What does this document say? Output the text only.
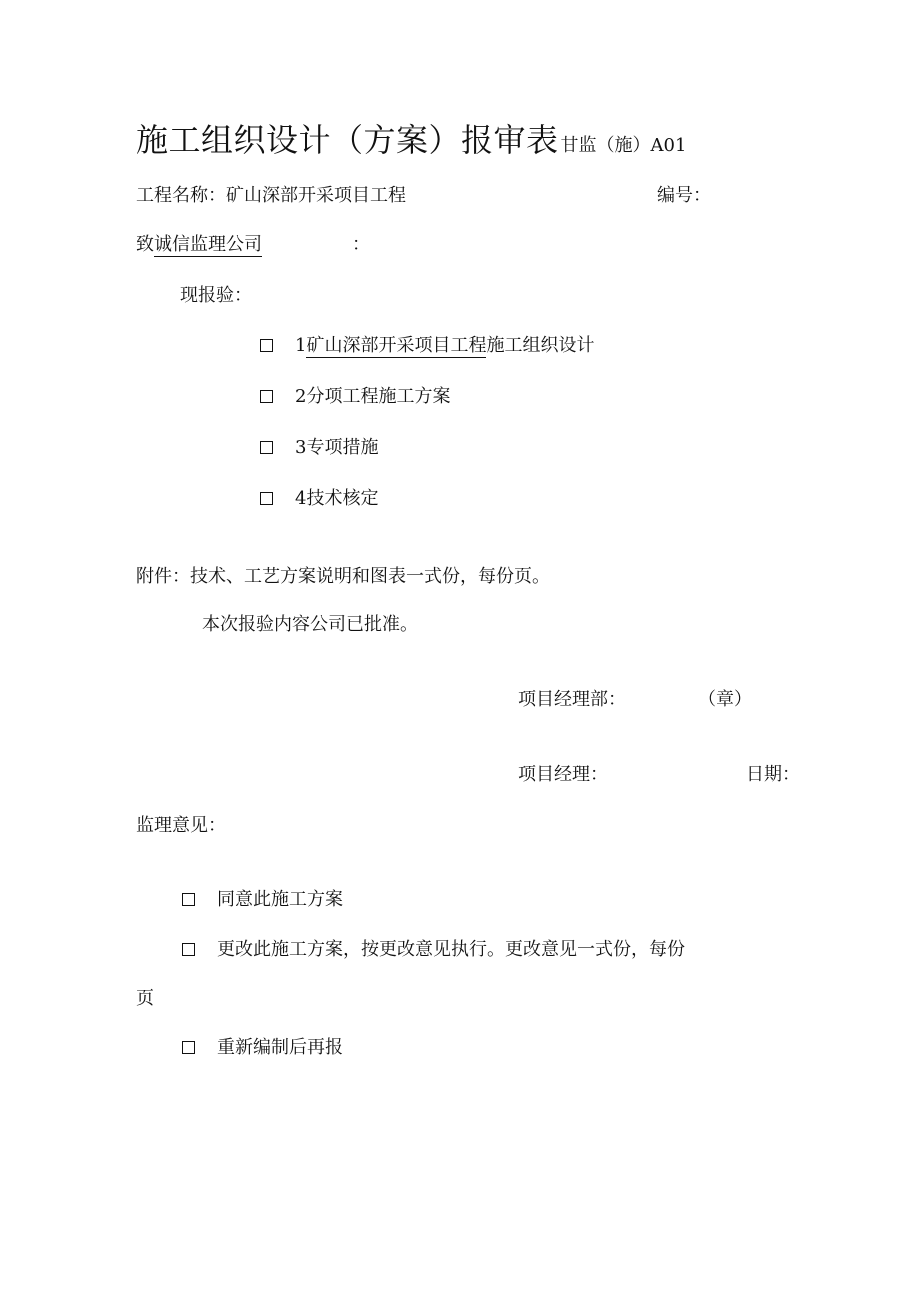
施工组织设计（方案）报审表 甘监（施）A01
工程名称：矿山深部开采项目工程	编号：
致诚信监理公司	：
现报验：
1矿山深部开采项目工程施工组织设计
2分项工程施工方案
3专项措施
4技术核定
附件：技术、工艺方案说明和图表一式份，每份页。
本次报验内容公司已批准。
项目经理部：	（章）
项目经理：	日期：
监理意见：
同意此施工方案
更改此施工方案，按更改意见执行。更改意见一式份，每份
页
重新编制后再报
